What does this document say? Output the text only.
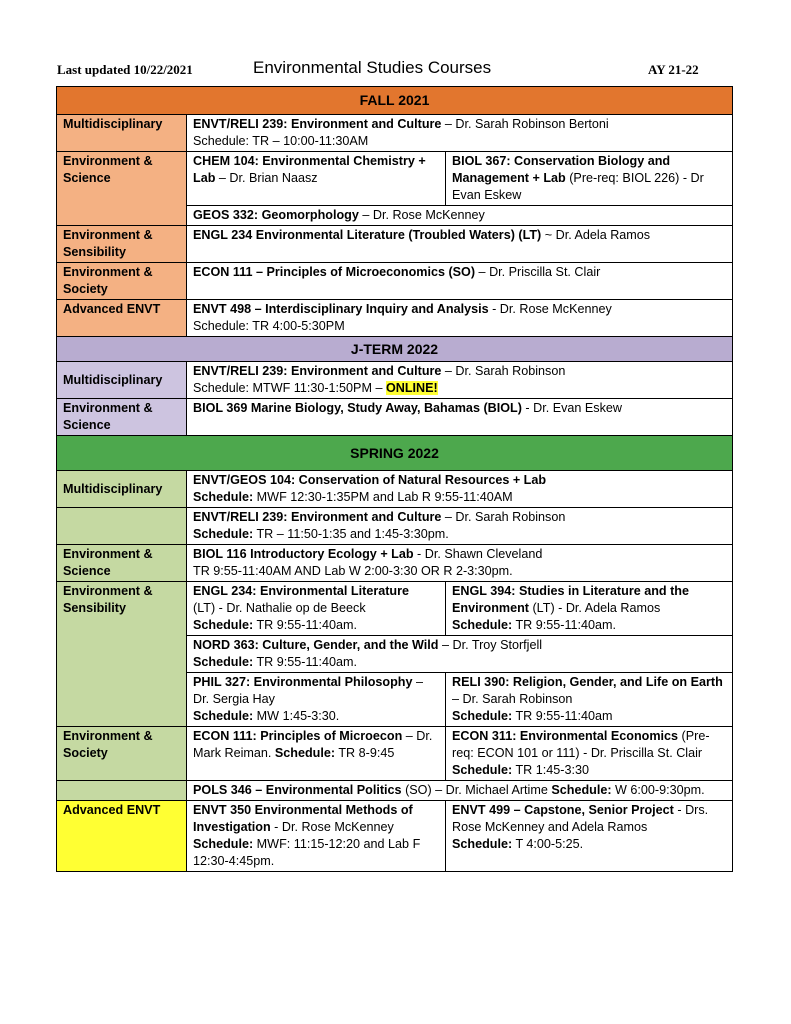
Last updated 10/22/2021	Environmental Studies Courses	AY 21-22
FALL 2021		
Multidisciplinary	ENVT/RELI 239: Environment and Culture – Dr. Sarah Robinson Bertoni
Schedule: TR – 10:00-11:30AM	
Environment & Science	CHEM 104: Environmental Chemistry + Lab – Dr. Brian Naasz	BIOL 367: Conservation Biology and Management + Lab (Pre-req: BIOL 226) - Dr Evan Eskew
	GEOS 332: Geomorphology – Dr. Rose McKenney	
Environment & Sensibility	ENGL 234 Environmental Literature (Troubled Waters) (LT) ~ Dr. Adela Ramos	
Environment & Society	ECON 111 – Principles of Microeconomics (SO) – Dr. Priscilla St. Clair	
Advanced ENVT	ENVT 498 – Interdisciplinary Inquiry and Analysis - Dr. Rose McKenney
Schedule: TR 4:00-5:30PM	
J-TERM 2022		
Multidisciplinary	ENVT/RELI 239: Environment and Culture – Dr. Sarah Robinson
Schedule: MTWF 11:30-1:50PM – ONLINE!	
Environment & Science	BIOL 369 Marine Biology, Study Away, Bahamas (BIOL) - Dr. Evan Eskew	
SPRING 2022		
Multidisciplinary	ENVT/GEOS 104: Conservation of Natural Resources + Lab
Schedule: MWF 12:30-1:35PM and Lab R 9:55-11:40AM	
	ENVT/RELI 239: Environment and Culture – Dr. Sarah Robinson
Schedule: TR – 11:50-1:35 and 1:45-3:30pm.	
Environment & Science	BIOL 116 Introductory Ecology + Lab - Dr. Shawn Cleveland
TR 9:55-11:40AM AND Lab W 2:00-3:30 OR R 2-3:30pm.	
Environment & Sensibility	ENGL 234: Environmental Literature
(LT) - Dr. Nathalie op de Beeck
Schedule: TR 9:55-11:40am.	ENGL 394: Studies in Literature and the Environment (LT) - Dr. Adela Ramos
Schedule: TR 9:55-11:40am.
	NORD 363: Culture, Gender, and the Wild – Dr. Troy Storfjell
Schedule: TR 9:55-11:40am.	
	PHIL 327: Environmental Philosophy – Dr. Sergia Hay
Schedule: MW 1:45-3:30.	RELI 390: Religion, Gender, and Life on Earth – Dr. Sarah Robinson
Schedule: TR 9:55-11:40am
Environment & Society	ECON 111: Principles of Microecon – Dr. Mark Reiman. Schedule: TR 8-9:45	ECON 311: Environmental Economics (Pre-req: ECON 101 or 111) - Dr. Priscilla St. Clair Schedule: TR 1:45-3:30
	POLS 346 – Environmental Politics (SO) – Dr. Michael Artime Schedule: W 6:00-9:30pm.	
Advanced ENVT	ENVT 350 Environmental Methods of Investigation - Dr. Rose McKenney
Schedule: MWF: 11:15-12:20 and Lab F 12:30-4:45pm.	ENVT 499 – Capstone, Senior Project - Drs. Rose McKenney and Adela Ramos
Schedule: T 4:00-5:25.
